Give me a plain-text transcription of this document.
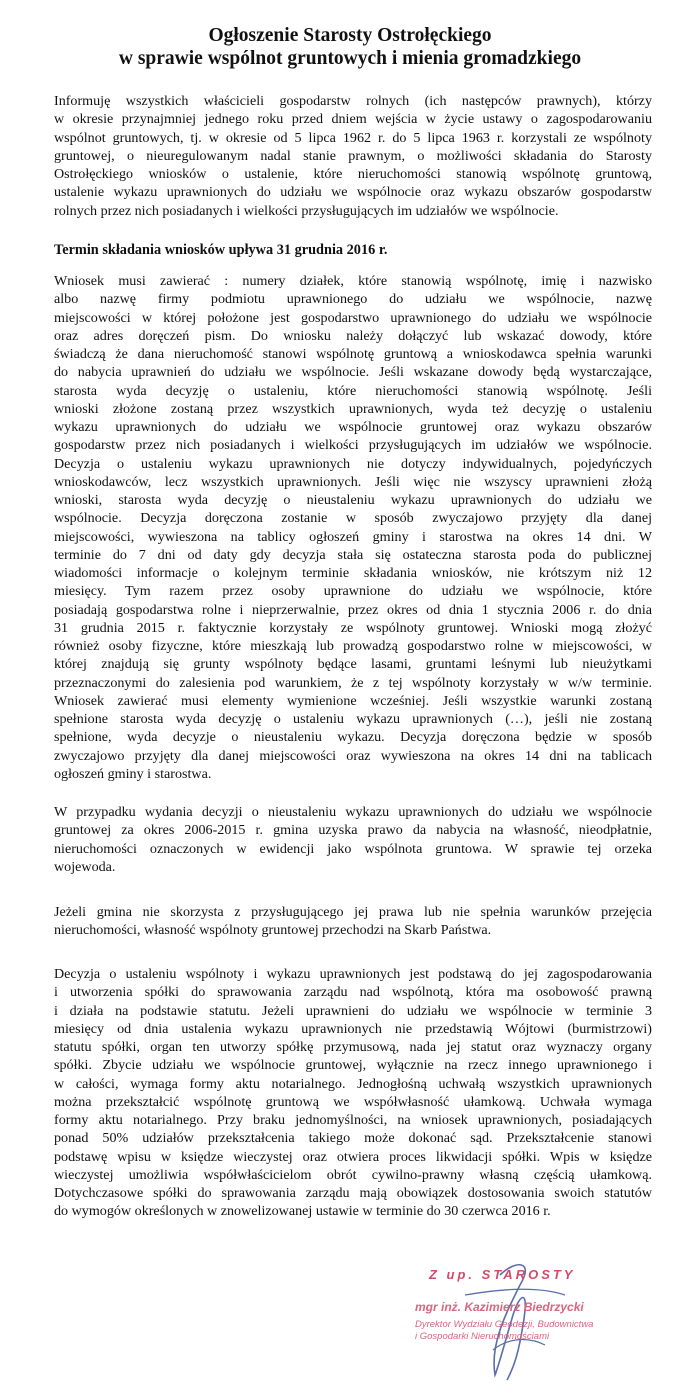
Ogłoszenie Starosty Ostrołęckiego
w sprawie wspólnot gruntowych i mienia gromadzkiego
Informuję wszystkich właścicieli gospodarstw rolnych (ich następców prawnych), którzy
w okresie przynajmniej jednego roku przed dniem wejścia w życie ustawy o zagospodarowaniu
wspólnot gruntowych, tj. w okresie od 5 lipca 1962 r. do 5 lipca 1963 r. korzystali ze wspólnoty
gruntowej, o nieuregulowanym nadal stanie prawnym, o możliwości składania do Starosty
Ostrołęckiego wniosków o ustalenie, które nieruchomości stanowią wspólnotę gruntową,
ustalenie wykazu uprawnionych do udziału we wspólnocie oraz wykazu obszarów gospodarstw
rolnych przez nich posiadanych i wielkości przysługujących im udziałów we wspólnocie.
Termin składania wniosków upływa 31 grudnia 2016 r.
Wniosek musi zawierać : numery działek, które stanowią wspólnotę, imię i nazwisko
albo nazwę firmy podmiotu uprawnionego do udziału we wspólnocie, nazwę
miejscowości w której położone jest gospodarstwo uprawnionego do udziału we wspólnocie
oraz adres doręczeń pism. Do wniosku należy dołączyć lub wskazać dowody, które
świadczą że dana nieruchomość stanowi wspólnotę gruntową a wnioskodawca spełnia warunki
do nabycia uprawnień do udziału we wspólnocie. Jeśli wskazane dowody będą wystarczające,
starosta wyda decyzję o ustaleniu, które nieruchomości stanowią wspólnotę. Jeśli
wnioski złożone zostaną przez wszystkich uprawnionych, wyda też decyzję o ustaleniu
wykazu uprawnionych do udziału we wspólnocie gruntowej oraz wykazu obszarów
gospodarstw przez nich posiadanych i wielkości przysługujących im udziałów we wspólnocie.
Decyzja o ustaleniu wykazu uprawnionych nie dotyczy indywidualnych, pojedyńczych
wnioskodawców, lecz wszystkich uprawnionych. Jeśli więc nie wszyscy uprawnieni złożą
wnioski, starosta wyda decyzję o nieustaleniu wykazu uprawnionych do udziału we
wspólnocie. Decyzja doręczona zostanie w sposób zwyczajowo przyjęty dla danej
miejscowości, wywieszona na tablicy ogłoszeń gminy i starostwa na okres 14 dni. W
terminie do 7 dni od daty gdy decyzja stała się ostateczna starosta poda do publicznej
wiadomości informacje o kolejnym terminie składania wniosków, nie krótszym niż 12
miesięcy. Tym razem przez osoby uprawnione do udziału we wspólnocie, które
posiadają gospodarstwa rolne i nieprzerwalnie, przez okres od dnia 1 stycznia 2006 r. do dnia
31 grudnia 2015 r. faktycznie korzystały ze wspólnoty gruntowej. Wnioski mogą złożyć
również osoby fizyczne, które mieszkają lub prowadzą gospodarstwo rolne w miejscowości, w
której znajdują się grunty wspólnoty będące lasami, gruntami leśnymi lub nieużytkami
przeznaczonymi do zalesienia pod warunkiem, że z tej wspólnoty korzystały w w/w terminie.
Wniosek zawierać musi elementy wymienione wcześniej. Jeśli wszystkie warunki zostaną
spełnione starosta wyda decyzję o ustaleniu wykazu uprawnionych (…), jeśli nie zostaną
spełnione, wyda decyzje o nieustaleniu wykazu. Decyzja doręczona będzie w sposób
zwyczajowo przyjęty dla danej miejscowości oraz wywieszona na okres 14 dni na tablicach
ogłoszeń gminy i starostwa.
W przypadku wydania decyzji o nieustaleniu wykazu uprawnionych do udziału we wspólnocie
gruntowej za okres 2006-2015 r. gmina uzyska prawo da nabycia na własność, nieodpłatnie,
nieruchomości oznaczonych w ewidencji jako wspólnota gruntowa. W sprawie tej orzeka
wojewoda.
Jeżeli gmina nie skorzysta z przysługującego jej prawa lub nie spełnia warunków przejęcia
nieruchomości, własność wspólnoty gruntowej przechodzi na Skarb Państwa.
Decyzja o ustaleniu wspólnoty i wykazu uprawnionych jest podstawą do jej zagospodarowania
i utworzenia spółki do sprawowania zarządu nad wspólnotą, która ma osobowość prawną
i działa na podstawie statutu. Jeżeli uprawnieni do udziału we wspólnocie w terminie 3
miesięcy od dnia ustalenia wykazu uprawnionych nie przedstawią Wójtowi (burmistrzowi)
statutu spółki, organ ten utworzy spółkę przymusową, nada jej statut oraz wyznaczy organy
spółki. Zbycie udziału we wspólnocie gruntowej, wyłącznie na rzecz innego uprawnionego i
w całości, wymaga formy aktu notarialnego. Jednogłośną uchwałą wszystkich uprawnionych
można przekształcić wspólnotę gruntową we współwłasność ułamkową. Uchwała wymaga
formy aktu notarialnego. Przy braku jednomyślności, na wniosek uprawnionych, posiadających
ponad 50% udziałów przekształcenia takiego może dokonać sąd. Przekształcenie stanowi
podstawę wpisu w księdze wieczystej oraz otwiera proces likwidacji spółki. Wpis w księdze
wieczystej umożliwia współwłaścicielom obrót cywilno-prawny własną częścią ułamkową.
Dotychczasowe spółki do sprawowania zarządu mają obowiązek dostosowania swoich statutów
do wymogów określonych w znowelizowanej ustawie w terminie do 30 czerwca 2016 r.
Z up. STAROSTY
mgr inż. Kazimierz Biedrzycki
Dyrektor Wydziału Geodezji, Budownictwa
i Gospodarki Nieruchomościami
